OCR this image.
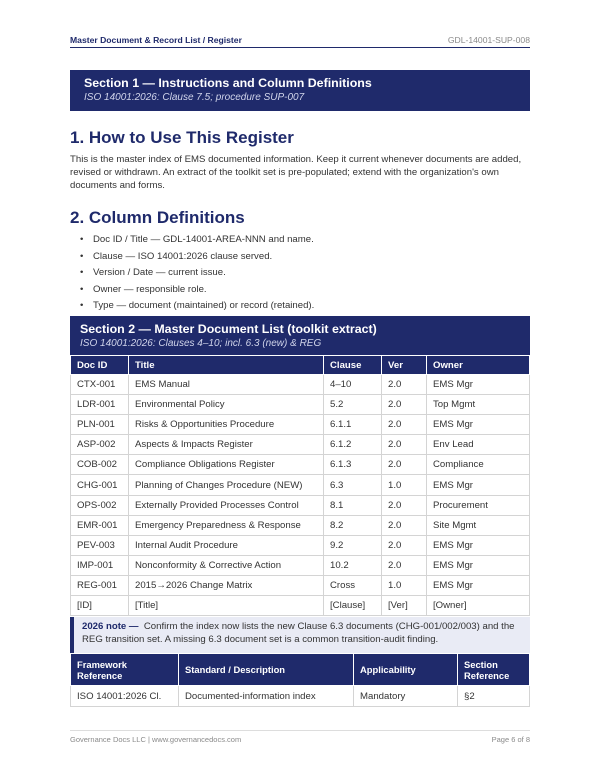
Master Document & Record List / Register	GDL-14001-SUP-008
Section 1 — Instructions and Column Definitions
ISO 14001:2026: Clause 7.5; procedure SUP-007
1. How to Use This Register

This is the master index of EMS documented information. Keep it current whenever documents are added, revised or withdrawn. An extract of the toolkit set is pre-populated; extend with the organization's own documents and forms.

2. Column Definitions
• Doc ID / Title — GDL-14001-AREA-NNN and name.
• Clause — ISO 14001:2026 clause served.
• Version / Date — current issue.
• Owner — responsible role.
• Type — document (maintained) or record (retained).
Section 2 — Master Document List (toolkit extract)
ISO 14001:2026: Clauses 4–10; incl. 6.3 (new) & REG
Doc ID	Title	Clause	Ver	Owner
CTX-001	EMS Manual	4–10	2.0	EMS Mgr
LDR-001	Environmental Policy	5.2	2.0	Top Mgmt
PLN-001	Risks & Opportunities Procedure	6.1.1	2.0	EMS Mgr
ASP-002	Aspects & Impacts Register	6.1.2	2.0	Env Lead
COB-002	Compliance Obligations Register	6.1.3	2.0	Compliance
CHG-001	Planning of Changes Procedure (NEW)	6.3	1.0	EMS Mgr
OPS-002	Externally Provided Processes Control	8.1	2.0	Procurement
EMR-001	Emergency Preparedness & Response	8.2	2.0	Site Mgmt
PEV-003	Internal Audit Procedure	9.2	2.0	EMS Mgr
IMP-001	Nonconformity & Corrective Action	10.2	2.0	EMS Mgr
REG-001	2015→2026 Change Matrix	Cross	1.0	EMS Mgr
[ID]	[Title]	[Clause]	[Ver]	[Owner]
2026 note — Confirm the index now lists the new Clause 6.3 documents (CHG-001/002/003) and the REG transition set. A missing 6.3 document set is a common transition-audit finding.
Framework Reference	Standard / Description	Applicability	Section Reference
ISO 14001:2026 Cl.	Documented-information index	Mandatory	§2
Governance Docs LLC | www.governancedocs.com	Page 6 of 8
